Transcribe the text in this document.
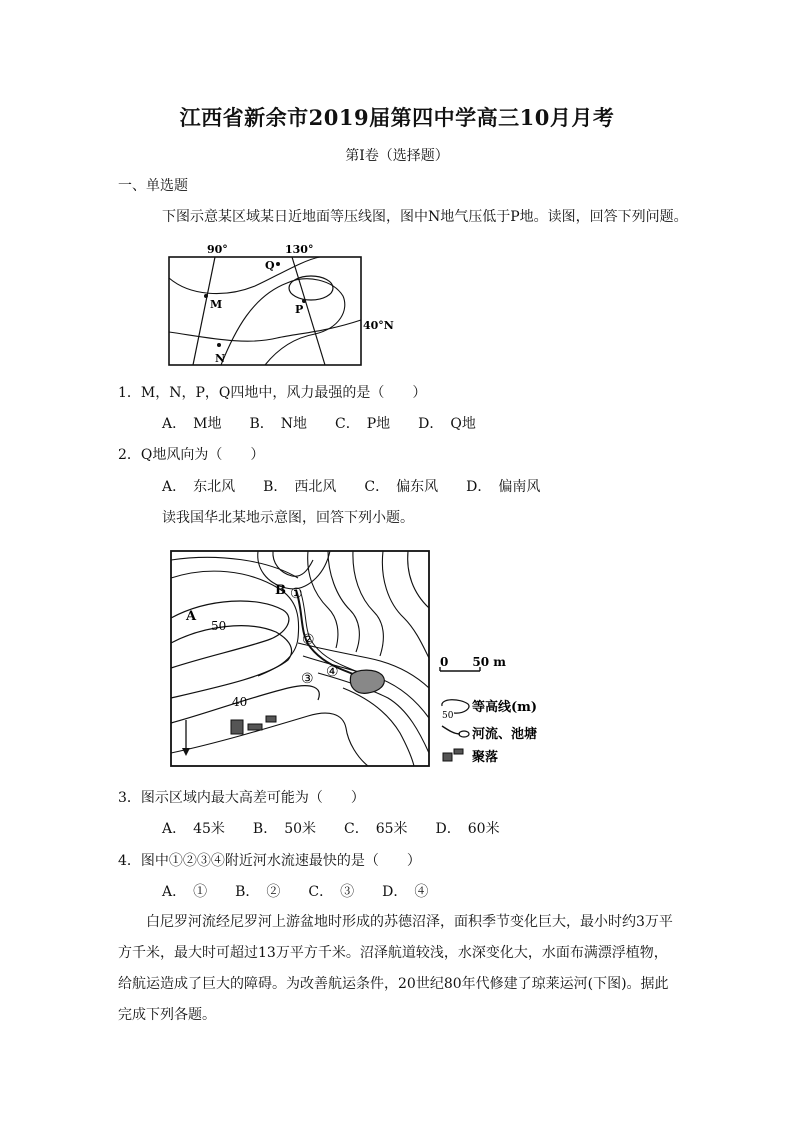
江西省新余市2019届第四中学高三10月月考
第Ⅰ卷（选择题）
一、单选题
下图示意某区域某日近地面等压线图，图中N地气压低于P地。读图，回答下列问题。
90°	130°
40°N
Q
M	P
N
1．M，N，P，Q四地中，风力最强的是（　　）
A．　M地　　B．　N地　　C．　P地　　D．　Q地
2．Q地风向为（　　）
A．　东北风　　B．　西北风　　C．　偏东风　　D．　偏南风
读我国华北某地示意图，回答下列小题。
B
A
50
40
①
②
③ ④
0　　50 m
50
等高线(m)
河流、池塘
聚落
3．图示区域内最大高差可能为（　　）
A．　45米　　B．　50米　　C．　65米　　D．　60米
4．图中①②③④附近河水流速最快的是（　　）
A．　①　　B．　②　　C．　③　　D．　④
白尼罗河流经尼罗河上游盆地时形成的苏德沼泽，面积季节变化巨大，最小时约3万平方千米，最大时可超过13万平方千米。沼泽航道较浅，水深变化大，水面布满漂浮植物，给航运造成了巨大的障碍。为改善航运条件，20世纪80年代修建了琼莱运河(下图)。据此完成下列各题。
